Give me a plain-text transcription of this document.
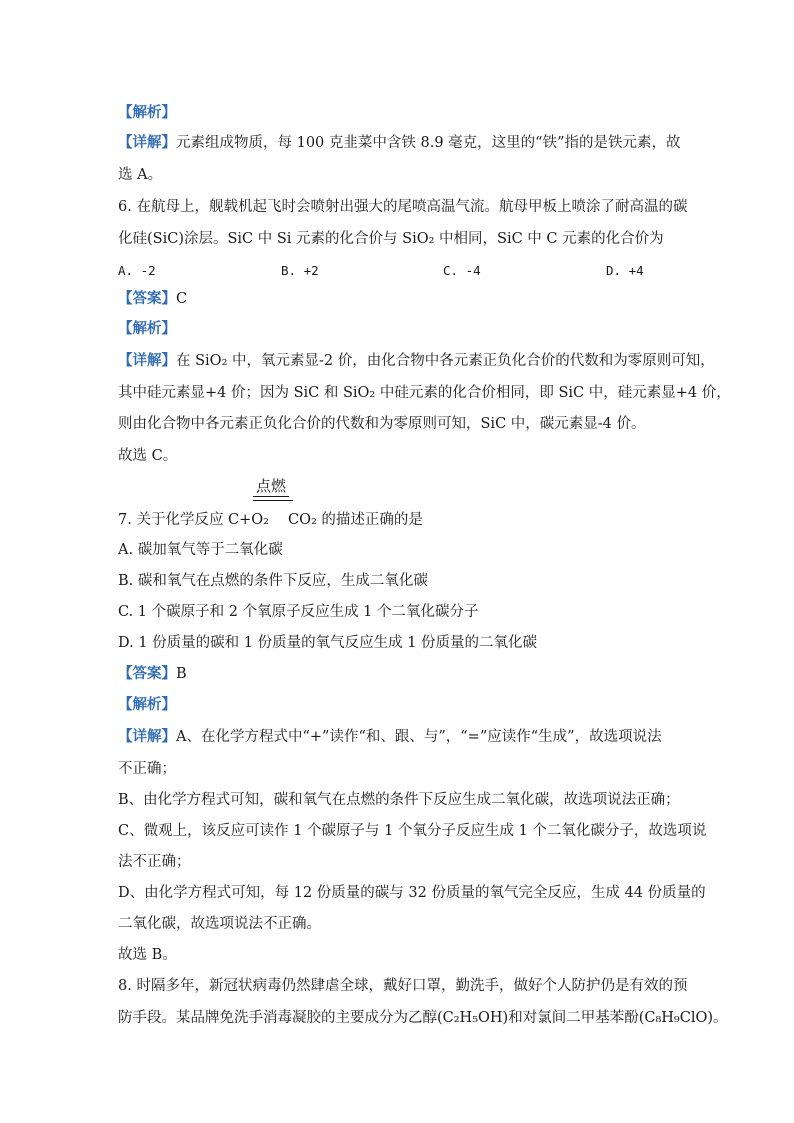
【解析】
【详解】元素组成物质，每 100 克韭菜中含铁 8.9 毫克，这里的“铁”指的是铁元素，故
选 A。
6. 在航母上，舰载机起飞时会喷射出强大的尾喷高温气流。航母甲板上喷涂了耐高温的碳
化硅(SiC)涂层。SiC 中 Si 元素的化合价与 SiO₂ 中相同，SiC 中 C 元素的化合价为
A. -2	B. +2	C. -4	D. +4
【答案】C
【解析】
【详解】在 SiO₂ 中，氧元素显-2 价，由化合物中各元素正负化合价的代数和为零原则可知，
其中硅元素显+4 价；因为 SiC 和 SiO₂ 中硅元素的化合价相同，即 SiC 中，硅元素显+4 价，
则由化合物中各元素正负化合价的代数和为零原则可知，SiC 中，碳元素显-4 价。
故选 C。
点燃
7. 关于化学反应 C+O₂ CO₂ 的描述正确的是
A. 碳加氧气等于二氧化碳
B. 碳和氧气在点燃的条件下反应，生成二氧化碳
C. 1 个碳原子和 2 个氧原子反应生成 1 个二氧化碳分子
D. 1 份质量的碳和 1 份质量的氧气反应生成 1 份质量的二氧化碳
【答案】B
【解析】
【详解】A、在化学方程式中“+”读作“和、跟、与”，“=”应读作“生成”，故选项说法
不正确；
B、由化学方程式可知，碳和氧气在点燃的条件下反应生成二氧化碳，故选项说法正确；
C、微观上，该反应可读作 1 个碳原子与 1 个氧分子反应生成 1 个二氧化碳分子，故选项说
法不正确；
D、由化学方程式可知，每 12 份质量的碳与 32 份质量的氧气完全反应，生成 44 份质量的
二氧化碳，故选项说法不正确。
故选 B。
8. 时隔多年，新冠状病毒仍然肆虐全球，戴好口罩，勤洗手，做好个人防护仍是有效的预
防手段。某品牌免洗手消毒凝胶的主要成分为乙醇(C₂H₅OH)和对氯间二甲基苯酚(C₈H₉ClO)。
